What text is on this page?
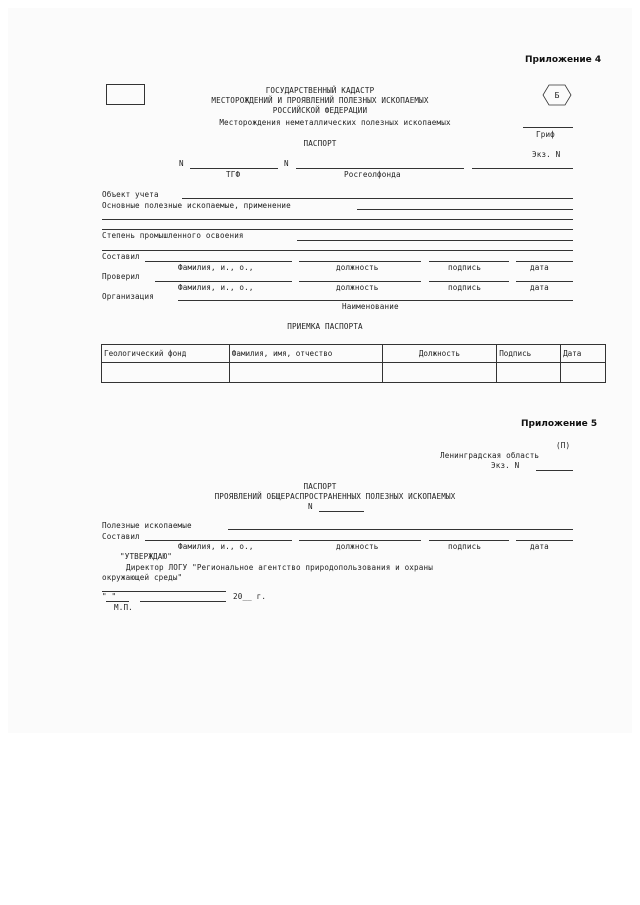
Приложение 4
Б
ГОСУДАРСТВЕННЫЙ КАДАСТР
МЕСТОРОЖДЕНИЙ И ПРОЯВЛЕНИЙ ПОЛЕЗНЫХ ИСКОПАЕМЫХ
РОССИЙСКОЙ ФЕДЕРАЦИИ
Месторождения неметаллических полезных ископаемых
Гриф
ПАСПОРТ
Экз. N
N	N
ТГФ	Росгеолфонда
Объект учета
Основные полезные ископаемые, применение
Степень промышленного освоения
Составил
Фамилия, и., о.,	должность	подпись	дата
Проверил
Фамилия, и., о.,	должность	подпись	дата
Организация
Наименование
ПРИЕМКА ПАСПОРТА
Геологический фонд	Фамилия, имя, отчество	Должность	Подпись	Дата

Приложение 5
(П)
Ленинградская область
Экз. N
ПАСПОРТ
ПРОЯВЛЕНИЙ ОБЩЕРАСПРОСТРАНЕННЫХ ПОЛЕЗНЫХ ИСКОПАЕМЫХ
N
Полезные ископаемые
Составил
Фамилия, и., о.,	должность	подпись	дата
"УТВЕРЖДАЮ"
Директор ЛОГУ "Региональное агентство природопользования и охраны
окружающей среды"
" "	20__ г.
М.П.
